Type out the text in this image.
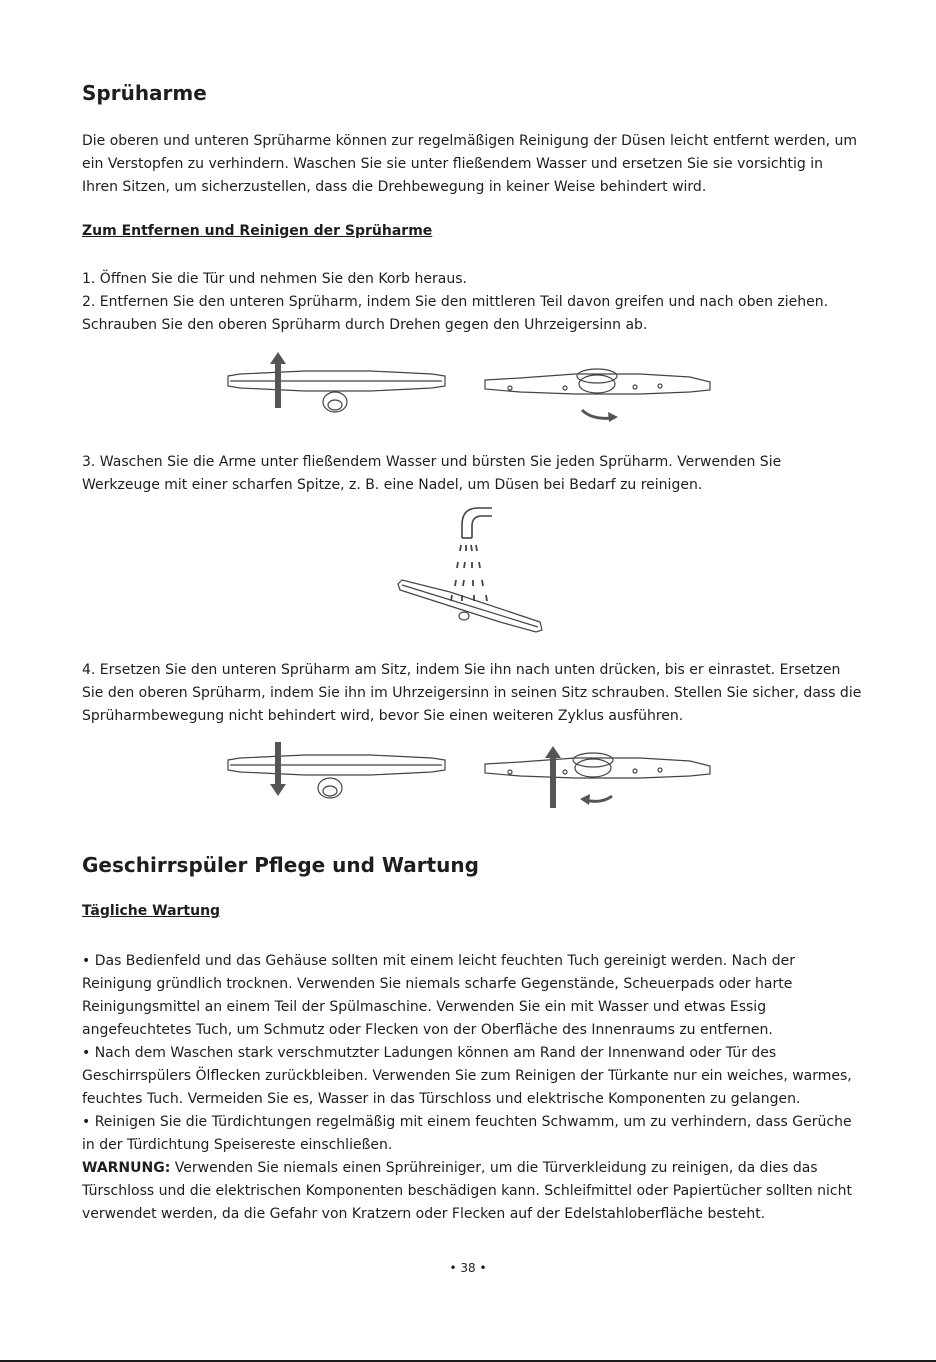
Sprüharme

Die oberen und unteren Sprüharme können zur regelmäßigen Reinigung der Düsen leicht entfernt werden, um ein Verstopfen zu verhindern. Waschen Sie sie unter fließendem Wasser und ersetzen Sie sie vorsichtig in Ihren Sitzen, um sicherzustellen, dass die Drehbewegung in keiner Weise behindert wird.

Zum Entfernen und Reinigen der Sprüharme

1. Öffnen Sie die Tür und nehmen Sie den Korb heraus.

2. Entfernen Sie den unteren Sprüharm, indem Sie den mittleren Teil davon greifen und nach oben ziehen. Schrauben Sie den oberen Sprüharm durch Drehen gegen den Uhrzeigersinn ab.

3. Waschen Sie die Arme unter fließendem Wasser und bürsten Sie jeden Sprüharm. Verwenden Sie Werkzeuge mit einer scharfen Spitze, z. B. eine Nadel, um Düsen bei Bedarf zu reinigen.

4. Ersetzen Sie den unteren Sprüharm am Sitz, indem Sie ihn nach unten drücken, bis er einrastet. Ersetzen Sie den oberen Sprüharm, indem Sie ihn im Uhrzeigersinn in seinen Sitz schrauben. Stellen Sie sicher, dass die Sprüharmbewegung nicht behindert wird, bevor Sie einen weiteren Zyklus ausführen.

Geschirrspüler Pflege und Wartung
Tägliche Wartung

• Das Bedienfeld und das Gehäuse sollten mit einem leicht feuchten Tuch gereinigt werden. Nach der Reinigung gründlich trocknen. Verwenden Sie niemals scharfe Gegenstände, Scheuerpads oder harte Reinigungsmittel an einem Teil der Spülmaschine. Verwenden Sie ein mit Wasser und etwas Essig angefeuchtetes Tuch, um Schmutz oder Flecken von der Oberfläche des Innenraums zu entfernen.

• Nach dem Waschen stark verschmutzter Ladungen können am Rand der Innenwand oder Tür des Geschirrspülers Ölflecken zurückbleiben. Verwenden Sie zum Reinigen der Türkante nur ein weiches, warmes, feuchtes Tuch. Vermeiden Sie es, Wasser in das Türschloss und elektrische Komponenten zu gelangen.

• Reinigen Sie die Türdichtungen regelmäßig mit einem feuchten Schwamm, um zu verhindern, dass Gerüche in der Türdichtung Speisereste einschließen.

WARNUNG: Verwenden Sie niemals einen Sprühreiniger, um die Türverkleidung zu reinigen, da dies das Türschloss und die elektrischen Komponenten beschädigen kann. Schleifmittel oder Papiertücher sollten nicht verwendet werden, da die Gefahr von Kratzern oder Flecken auf der Edelstahloberfläche besteht.

• 38 •
